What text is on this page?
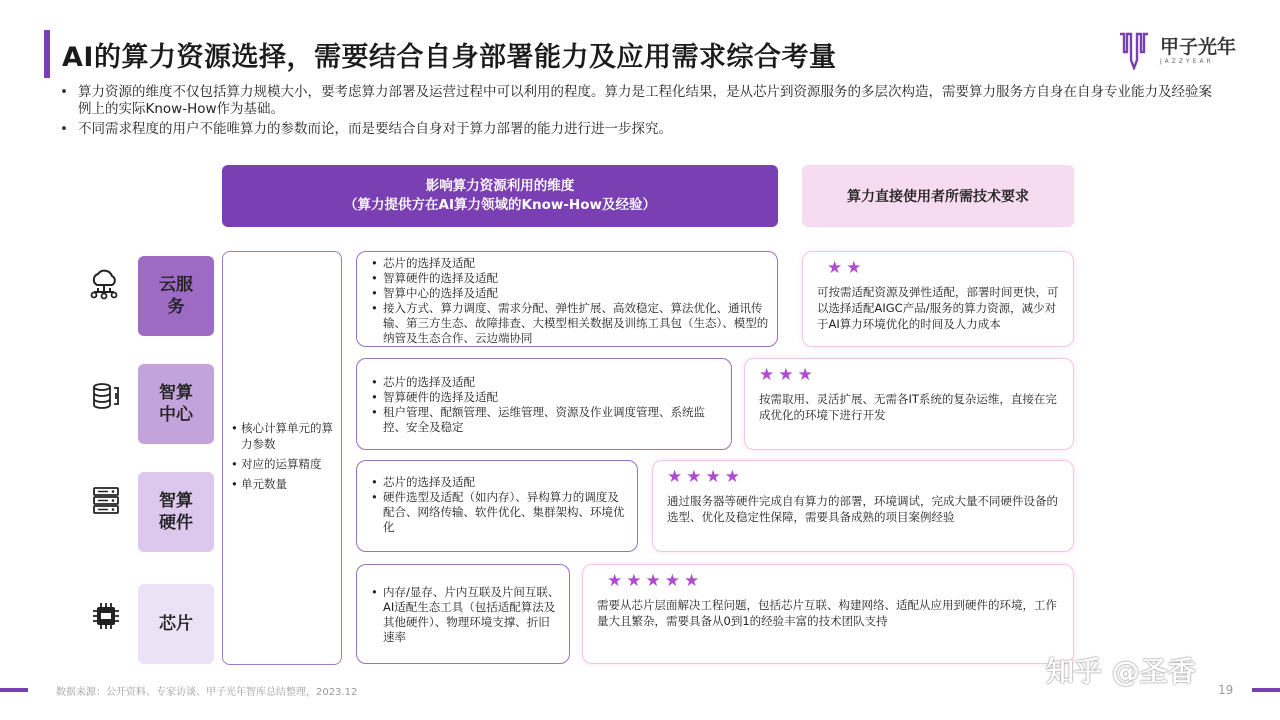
AI的算力资源选择，需要结合自身部署能力及应用需求综合考量	甲子光年
JAZZYEAR
• 算力资源的维度不仅包括算力规模大小，要考虑算力部署及运营过程中可以利用的程度。算力是工程化结果，是从芯片到资源服务的多层次构造，需要算力服务方自身在自身专业能力及经验案例上的实际Know-How作为基础。
• 不同需求程度的用户不能唯算力的参数而论，而是要结合自身对于算力部署的能力进行进一步探究。
影响算力资源利用的维度
（算力提供方在AI算力领域的Know-How及经验）	算力直接使用者所需技术要求
云服务
智算中心
智算硬件
芯片
• 核心计算单元的算力参数
• 对应的运算精度
• 单元数量
• 芯片的选择及适配
• 智算硬件的选择及适配
• 智算中心的选择及适配
• 接入方式、算力调度、需求分配、弹性扩展、高效稳定、算法优化、通讯传输、第三方生态、故障排查、大模型相关数据及训练工具包（生态）、模型的纳管及生态合作、云边端协同
• 芯片的选择及适配
• 智算硬件的选择及适配
• 租户管理、配额管理、运维管理、资源及作业调度管理、系统监控、安全及稳定
• 芯片的选择及适配
• 硬件选型及适配（如内存）、异构算力的调度及配合、网络传输、软件优化、集群架构、环境优化
• 内存/显存、片内互联及片间互联、AI适配生态工具（包括适配算法及其他硬件）、物理环境支撑、折旧速率
★★
可按需适配资源及弹性适配，部署时间更快，可以选择适配AIGC产品/服务的算力资源，减少对于AI算力环境优化的时间及人力成本
★★★
按需取用、灵活扩展、无需各IT系统的复杂运维，直接在完成优化的环境下进行开发
★★★★
通过服务器等硬件完成自有算力的部署，环境调试，完成大量不同硬件设备的选型、优化及稳定性保障，需要具备成熟的项目案例经验
★★★★★
需要从芯片层面解决工程问题，包括芯片互联、构建网络、适配从应用到硬件的环境，工作量大且繁杂，需要具备从0到1的经验丰富的技术团队支持
数据来源：公开资料、专家访谈、甲子光年智库总结整理，2023.12
知乎 @圣香
19
